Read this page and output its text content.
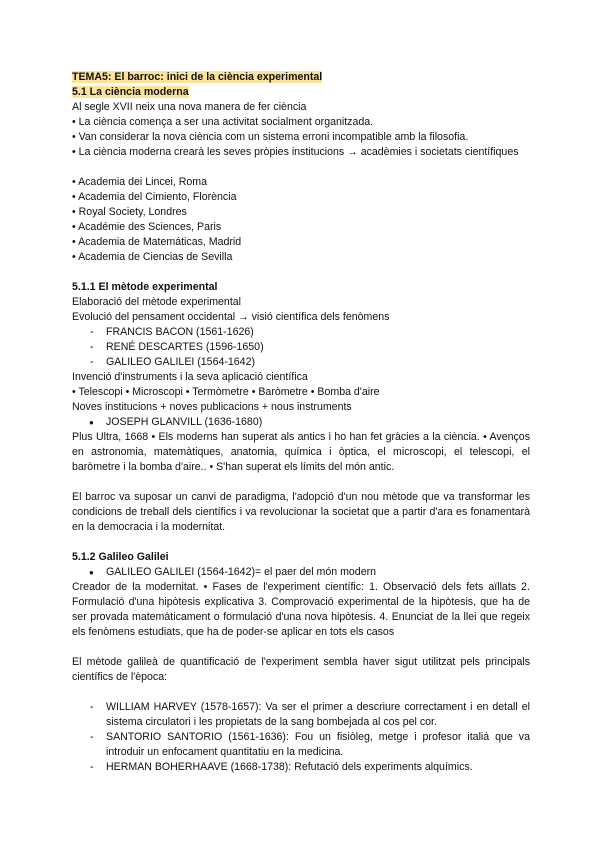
TEMA5: El barroc: inici de la ciència experimental
5.1 La ciència moderna

Al segle XVII neix una nova manera de fer ciència

• La ciència comença a ser una activitat socialment organitzada.

• Van considerar la nova ciència com un sistema erroni incompatible amb la filosofia.

• La ciència moderna crearà les seves pròpies institucions → acadèmies i societats científiques

• Academia dei Lincei, Roma

• Academia del Cimiento, Florència

• Royal Society, Londres

• Académie des Sciences, Paris

• Academia de Matemáticas, Madrid

• Academia de Ciencias de Sevilla

5.1.1 El mètode experimental

Elaboració del mètode experimental

Evolució del pensament occidental → visió científica dels fenòmens

- FRANCIS BACON (1561-1626)
- RENÉ DESCARTES (1596-1650)
- GALILEO GALILEI (1564-1642)

Invenció d'instruments i la seva aplicació científica

• Telescopi • Microscopi • Termòmetre • Baròmetre • Bomba d'aire

Noves institucions + noves publicacions + nous instruments

● JOSEPH GLANVILL (1636-1680)

Plus Ultra, 1668 • Els moderns han superat als antics i ho han fet gràcies a la ciència. • Avenços en astronomia, matemàtiques, anatomia, química i òptica, el microscopi, el telescopi, el baròmetre i la bomba d'aire.. • S'han superat els límits del món antic.

El barroc va suposar un canvi de paradigma, l'adopció d'un nou mètode que va transformar les condicions de treball dels científics i va revolucionar la societat que a partir d'ara es fonamentarà en la democracia i la modernitat.

5.1.2 Galileo Galilei
● GALILEO GALILEI (1564-1642)= el paer del món modern

Creador de la modernitat. • Fases de l'experiment científic: 1. Observació dels fets aïllats 2. Formulació d'una hipòtesis explicativa 3. Comprovació experimental de la hipòtesis, que ha de ser provada matemàticament o formulació d'una nova hipòtesis. 4. Enunciat de la llei que regeix els fenòmens estudiats, que ha de poder-se aplicar en tots els casos

El mètode galileà de quantificació de l'experiment sembla haver sigut utilitzat pels principals científics de l'època:

- WILLIAM HARVEY (1578-1657): Va ser el primer a descriure correctament i en detall el sistema circulatori i les propietats de la sang bombejada al cos pel cor.
- SANTORIO SANTORIO (1561-1636): Fou un fisiòleg, metge i profesor italiá que va introduir un enfocament quantitatiu en la medicina.
- HERMAN BOHERHAAVE (1668-1738): Refutació dels experiments alquímics.
